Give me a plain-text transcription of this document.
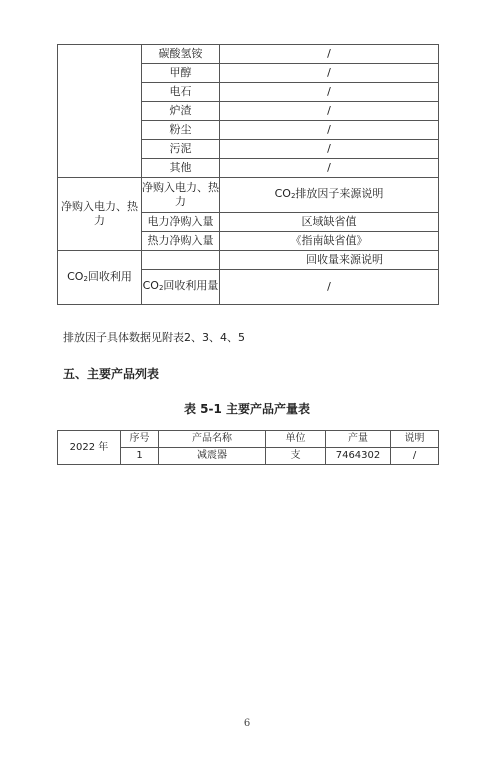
	碳酸氢铵	/
	甲醇	/
	电石	/
	炉渣	/
	粉尘	/
	污泥	/
	其他	/
净购入电力、热力	净购入电力、热力	$CO_2$排放因子来源说明
	电力净购入量	区域缺省值
	热力净购入量	《指南缺省值》
$CO_2$回收利用		回收量来源说明
	$CO_2$回收利用量	/
排放因子具体数据见附表2、3、4、5
五、主要产品列表
表 5-1 主要产品产量表
2022 年	序号	产品名称	单位	产量	说明
	1	减震器	支	7464302	/
6
